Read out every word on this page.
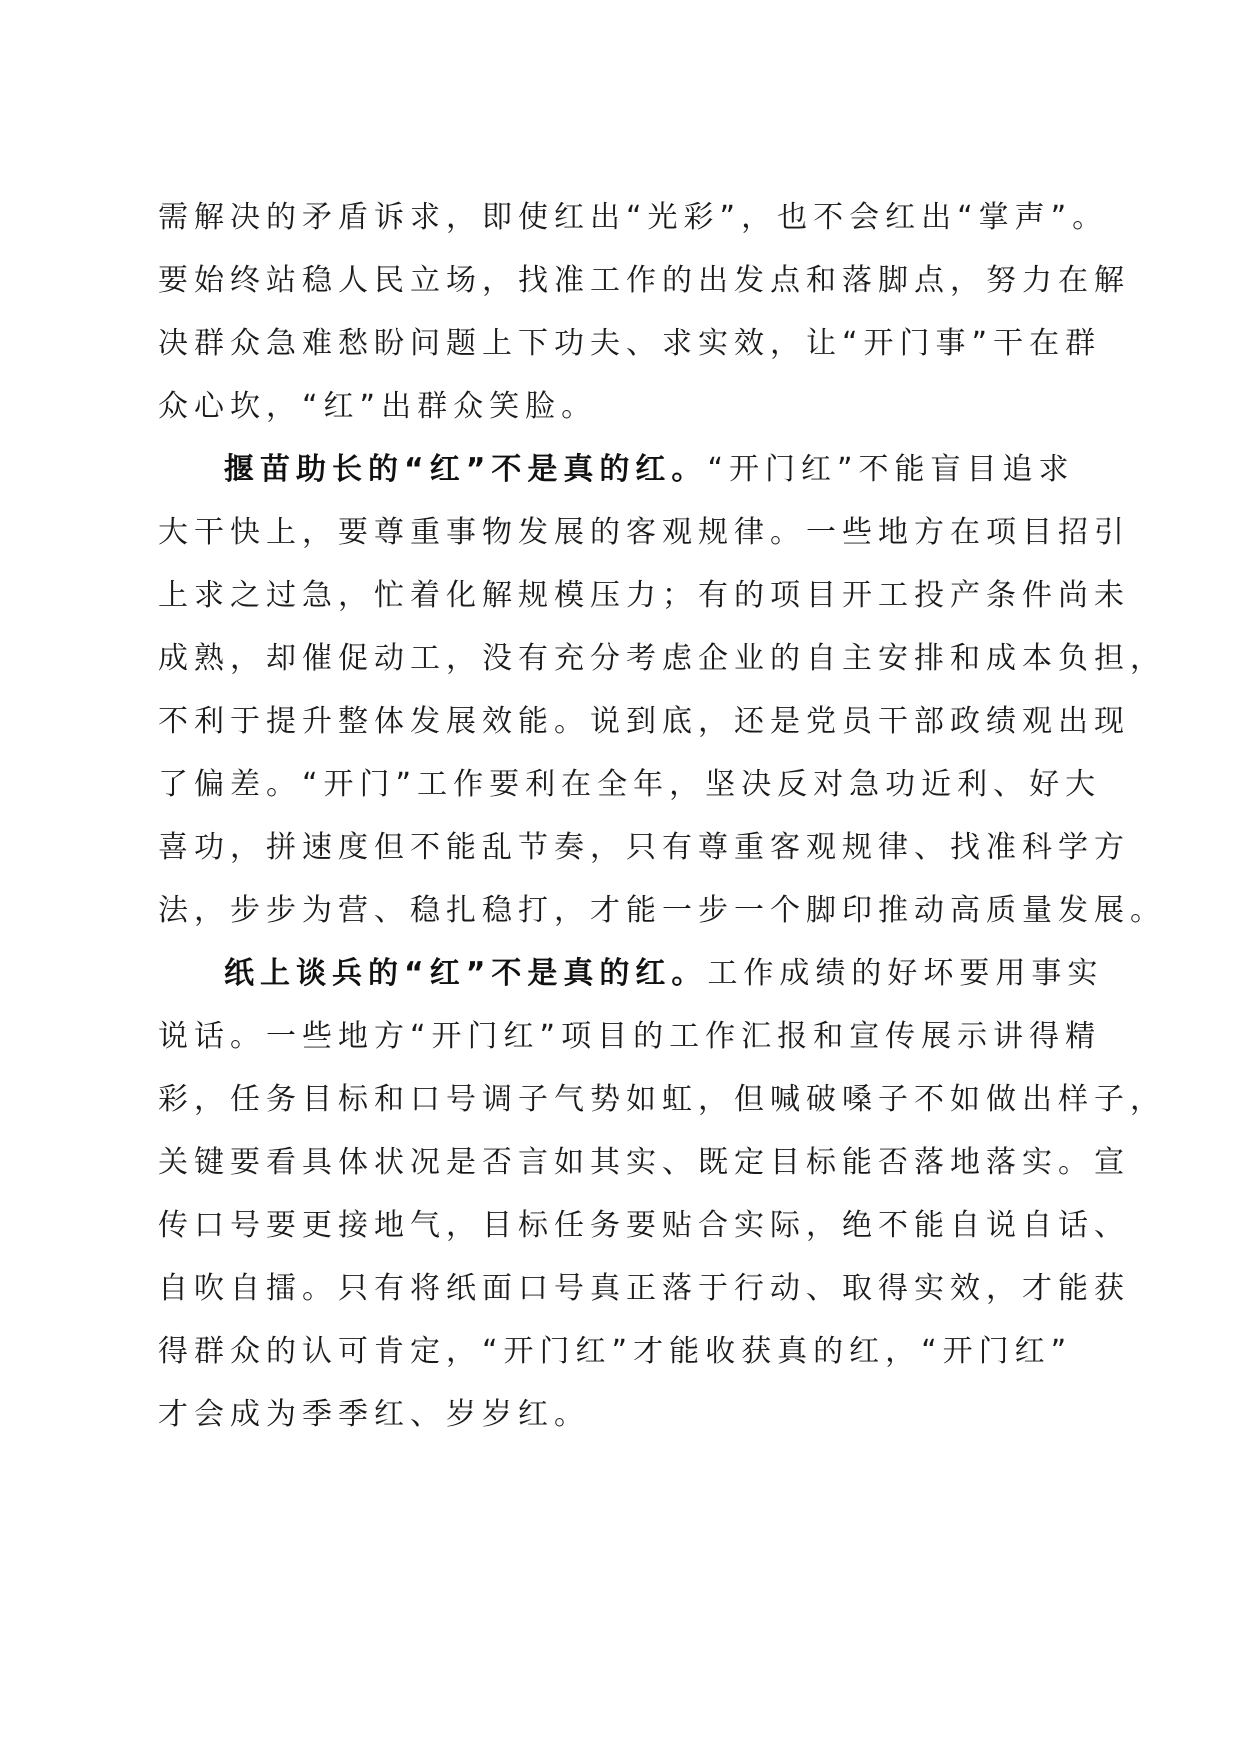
需解决的矛盾诉求，即使红出“光彩”，也不会红出“掌声”。
要始终站稳人民立场，找准工作的出发点和落脚点，努力在解
决群众急难愁盼问题上下功夫、求实效，让“开门事”干在群
众心坎，“红”出群众笑脸。
揠苗助长的“红”不是真的红。“开门红”不能盲目追求
大干快上，要尊重事物发展的客观规律。一些地方在项目招引
上求之过急，忙着化解规模压力；有的项目开工投产条件尚未
成熟，却催促动工，没有充分考虑企业的自主安排和成本负担，
不利于提升整体发展效能。说到底，还是党员干部政绩观出现
了偏差。“开门”工作要利在全年，坚决反对急功近利、好大
喜功，拼速度但不能乱节奏，只有尊重客观规律、找准科学方
法，步步为营、稳扎稳打，才能一步一个脚印推动高质量发展。
纸上谈兵的“红”不是真的红。工作成绩的好坏要用事实
说话。一些地方“开门红”项目的工作汇报和宣传展示讲得精
彩，任务目标和口号调子气势如虹，但喊破嗓子不如做出样子，
关键要看具体状况是否言如其实、既定目标能否落地落实。宣
传口号要更接地气，目标任务要贴合实际，绝不能自说自话、
自吹自擂。只有将纸面口号真正落于行动、取得实效，才能获
得群众的认可肯定，“开门红”才能收获真的红，“开门红”
才会成为季季红、岁岁红。
